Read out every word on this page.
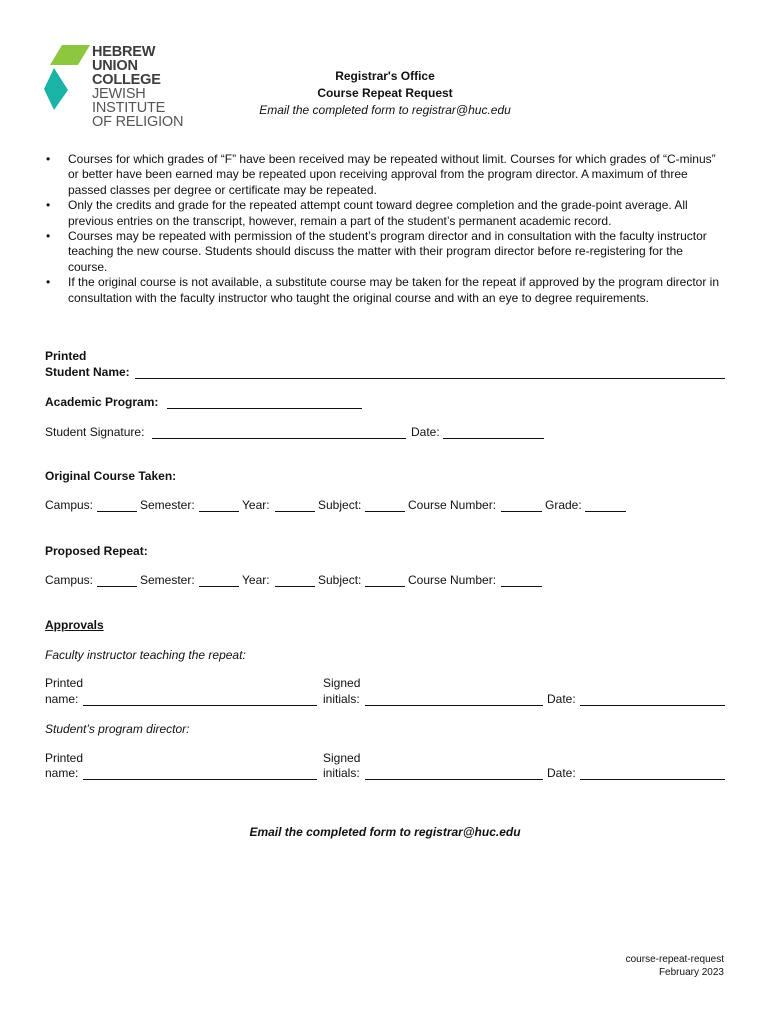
HEBREW
UNION
COLLEGE
JEWISH
INSTITUTE
OF RELIGION
Registrar's Office
Course Repeat Request
Email the completed form to registrar@huc.edu
• Courses for which grades of “F” have been received may be repeated without limit. Courses for which grades of “C-minus” or better have been earned may be repeated upon receiving approval from the program director. A maximum of three passed classes per degree or certificate may be repeated.
• Only the credits and grade for the repeated attempt count toward degree completion and the grade-point average. All previous entries on the transcript, however, remain a part of the student’s permanent academic record.
• Courses may be repeated with permission of the student’s program director and in consultation with the faculty instructor teaching the new course. Students should discuss the matter with their program director before re-registering for the course.
• If the original course is not available, a substitute course may be taken for the repeat if approved by the program director in consultation with the faculty instructor who taught the original course and with an eye to degree requirements.
Printed
Student Name:
Academic Program:
Student Signature:	Date:
Original Course Taken:
Campus:	Semester:	Year:	Subject:	Course Number:	Grade:
Proposed Repeat:
Campus:	Semester:	Year:	Subject:	Course Number:
Approvals
Faculty instructor teaching the repeat:
Printed
name:
Signed
initials:	Date:
Student’s program director:
Printed
name:
Signed
initials:	Date:
Email the completed form to registrar@huc.edu
course-repeat-request
February 2023
